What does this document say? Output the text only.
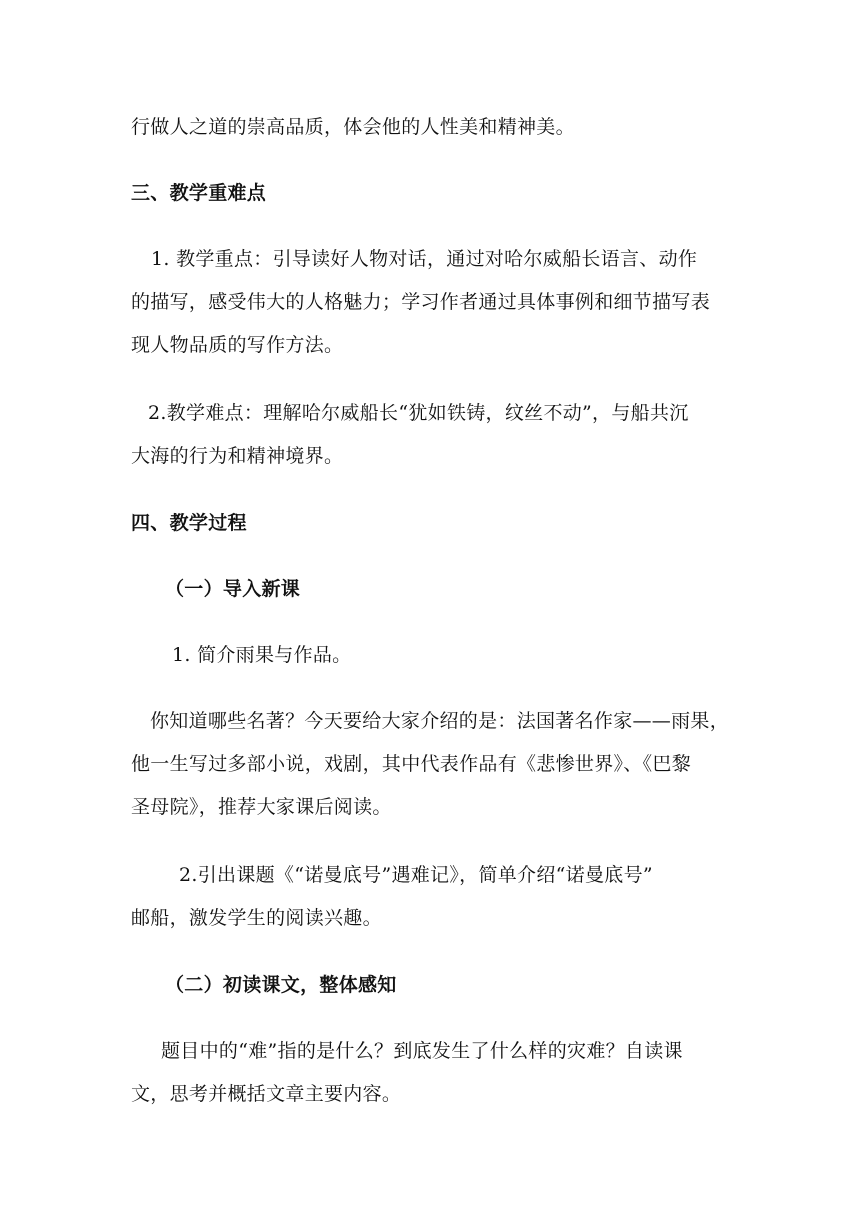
行做人之道的崇高品质，体会他的人性美和精神美。
三、教学重难点
1. 教学重点：引导读好人物对话，通过对哈尔威船长语言、动作
的描写，感受伟大的人格魅力；学习作者通过具体事例和细节描写表
现人物品质的写作方法。
2.教学难点：理解哈尔威船长“犹如铁铸，纹丝不动”，与船共沉
大海的行为和精神境界。
四、教学过程
（一）导入新课
1. 简介雨果与作品。
你知道哪些名著？今天要给大家介绍的是：法国著名作家——雨果，
他一生写过多部小说，戏剧，其中代表作品有《悲惨世界》、《巴黎
圣母院》，推荐大家课后阅读。
2.引出课题《“诺曼底号”遇难记》，简单介绍“诺曼底号”
邮船，激发学生的阅读兴趣。
（二）初读课文，整体感知
题目中的“难”指的是什么？到底发生了什么样的灾难？自读课
文，思考并概括文章主要内容。
